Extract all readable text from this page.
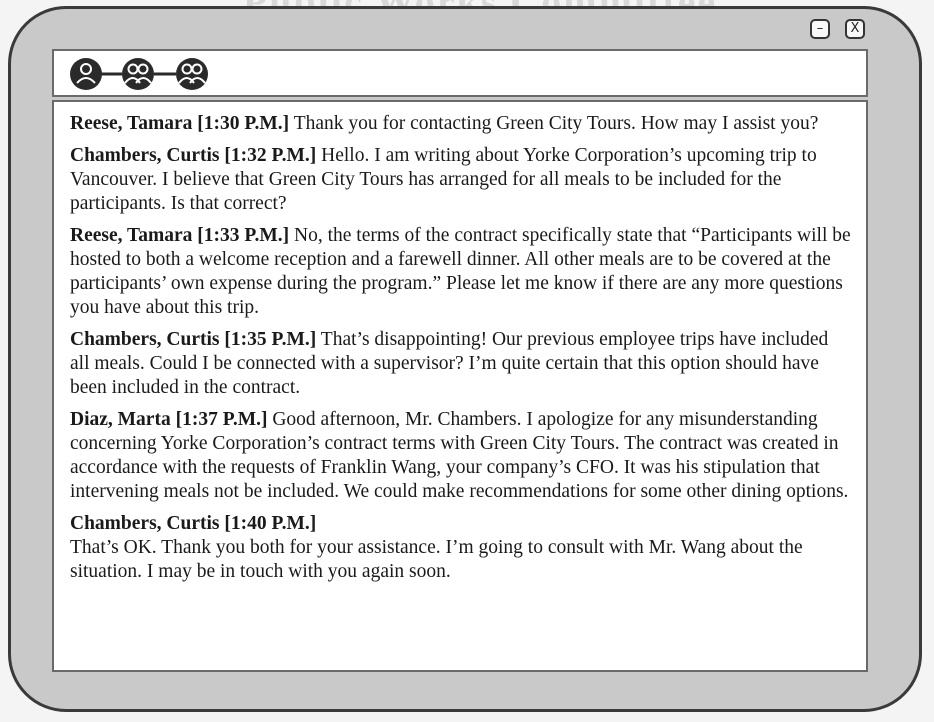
–	X

Reese, Tamara [1:30 P.M.] Thank you for contacting Green City Tours. How may I assist you?

Chambers, Curtis [1:32 P.M.] Hello. I am writing about Yorke Corporation’s upcoming trip to Vancouver. I believe that Green City Tours has arranged for all meals to be included for the participants. Is that correct?

Reese, Tamara [1:33 P.M.] No, the terms of the contract specifically state that “Participants will be hosted to both a welcome reception and a farewell dinner. All other meals are to be covered at the participants’ own expense during the program.” Please let me know if there are any more questions you have about this trip.

Chambers, Curtis [1:35 P.M.] That’s disappointing! Our previous employee trips have included all meals. Could I be connected with a supervisor? I’m quite certain that this option should have been included in the contract.

Diaz, Marta [1:37 P.M.] Good afternoon, Mr. Chambers. I apologize for any misunderstanding concerning Yorke Corporation’s contract terms with Green City Tours. The contract was created in accordance with the requests of Franklin Wang, your company’s CFO. It was his stipulation that intervening meals not be included. We could make recommendations for some other dining options.

Chambers, Curtis [1:40 P.M.]
That’s OK. Thank you both for your assistance. I’m going to consult with Mr. Wang about the situation. I may be in touch with you again soon.
